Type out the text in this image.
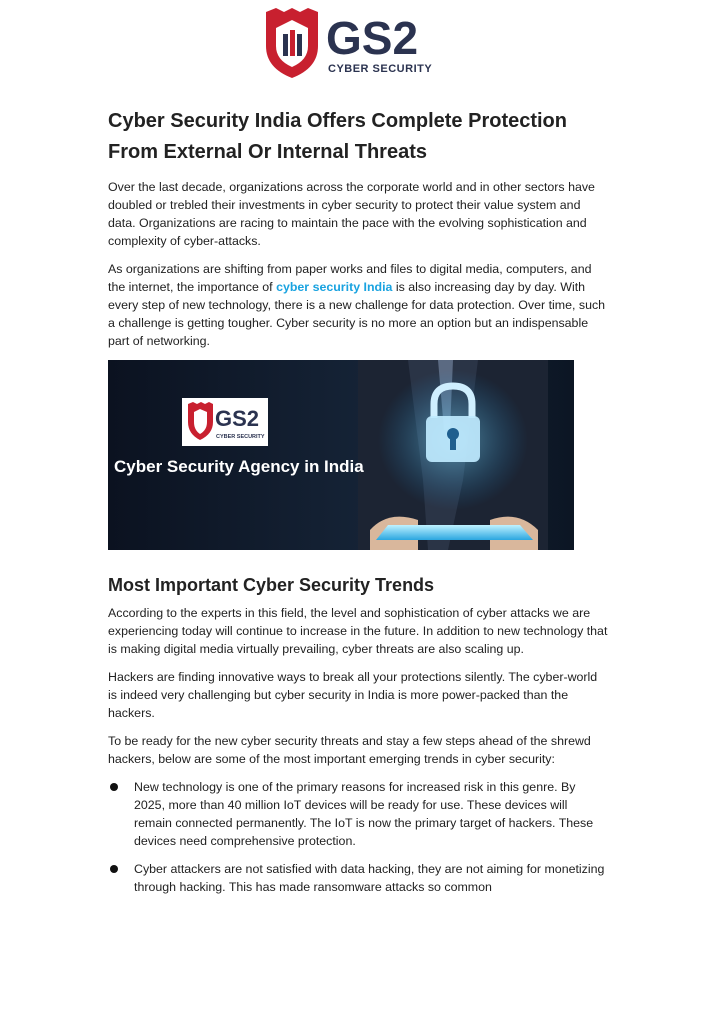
GS2
CYBER SECURITY
Cyber Security India Offers Complete Protection From External Or Internal Threats

Over the last decade, organizations across the corporate world and in other sectors have doubled or trebled their investments in cyber security to protect their value system and data. Organizations are racing to maintain the pace with the evolving sophistication and complexity of cyber-attacks.

As organizations are shifting from paper works and files to digital media, computers, and the internet, the importance of cyber security India is also increasing day by day. With every step of new technology, there is a new challenge for data protection. Over time, such a challenge is getting tougher. Cyber security is no more an option but an indispensable part of networking.

GS2
CYBER SECURITY
Cyber Security Agency in India
Most Important Cyber Security Trends

According to the experts in this field, the level and sophistication of cyber attacks we are experiencing today will continue to increase in the future. In addition to new technology that is making digital media virtually prevailing, cyber threats are also scaling up.

Hackers are finding innovative ways to break all your protections silently. The cyber-world is indeed very challenging but cyber security in India is more power-packed than the hackers.

To be ready for the new cyber security threats and stay a few steps ahead of the shrewd hackers, below are some of the most important emerging trends in cyber security:

New technology is one of the primary reasons for increased risk in this genre. By 2025, more than 40 million IoT devices will be ready for use. These devices will remain connected permanently. The IoT is now the primary target of hackers. These devices need comprehensive protection.
Cyber attackers are not satisfied with data hacking, they are not aiming for monetizing through hacking. This has made ransomware attacks so common
